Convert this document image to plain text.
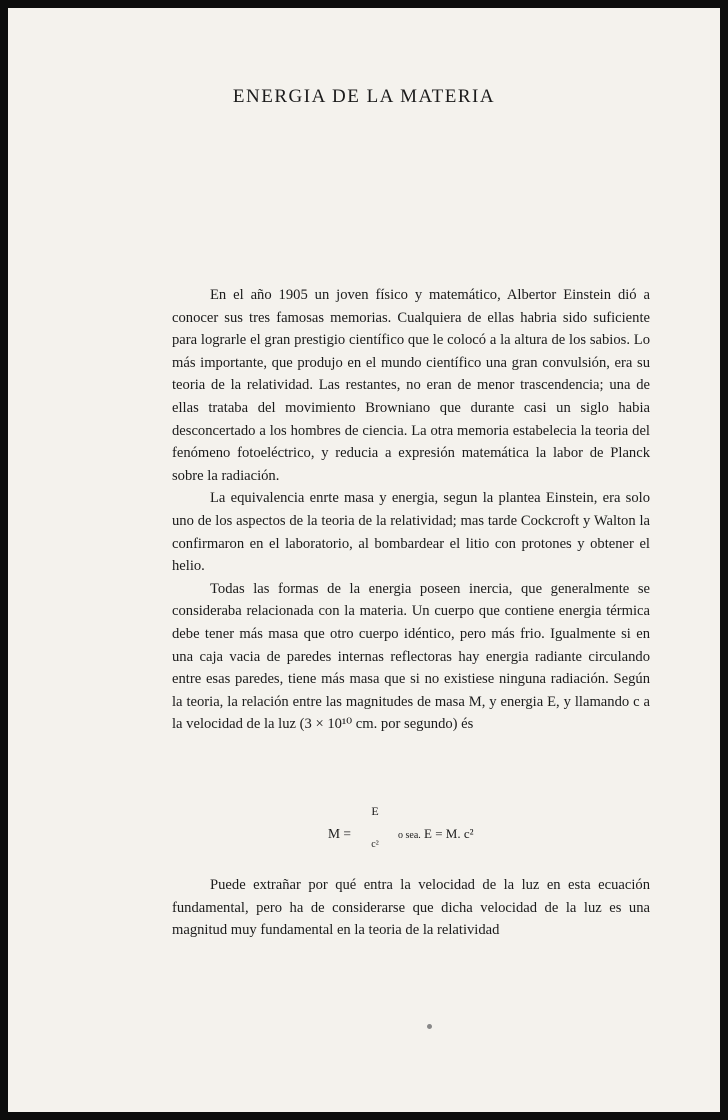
ENERGIA DE LA MATERIA

En el año 1905 un joven físico y matemático, Albertor Einstein dió a conocer sus tres famosas memorias. Cualquiera de ellas habria sido suficiente para lograrle el gran prestigio científico que le colocó a la altura de los sabios. Lo más importante, que produjo en el mundo científico una gran convulsión, era su teoria de la relatividad. Las restantes, no eran de menor trascendencia; una de ellas trataba del movimiento Browniano que durante casi un siglo habia desconcertado a los hombres de ciencia. La otra memoria estabelecia la teoria del fenómeno fotoeléctrico, y reducia a expresión matemática la labor de Planck sobre la radiación.

La equivalencia enrte masa y energia, segun la plantea Einstein, era solo uno de los aspectos de la teoria de la relatividad; mas tarde Cockcroft y Walton la confirmaron en el laboratorio, al bombardear el litio con protones y obtener el helio.

Todas las formas de la energia poseen inercia, que generalmente se consideraba relacionada con la materia. Un cuerpo que contiene energia térmica debe tener más masa que otro cuerpo idéntico, pero más frio. Igualmente si en una caja vacia de paredes internas reflectoras hay energia radiante circulando entre esas paredes, tiene más masa que si no existiese ninguna radiación. Según la teoria, la relación entre las magnitudes de masa M, y energia E, y llamando c a la velocidad de la luz (3 × 10¹⁰ cm. por segundo) és

M =
E
c²
o sea. E = M. c²

Puede extrañar por qué entra la velocidad de la luz en esta ecuación fundamental, pero ha de considerarse que dicha velocidad de la luz es una magnitud muy fundamental en la teoria de la relatividad
